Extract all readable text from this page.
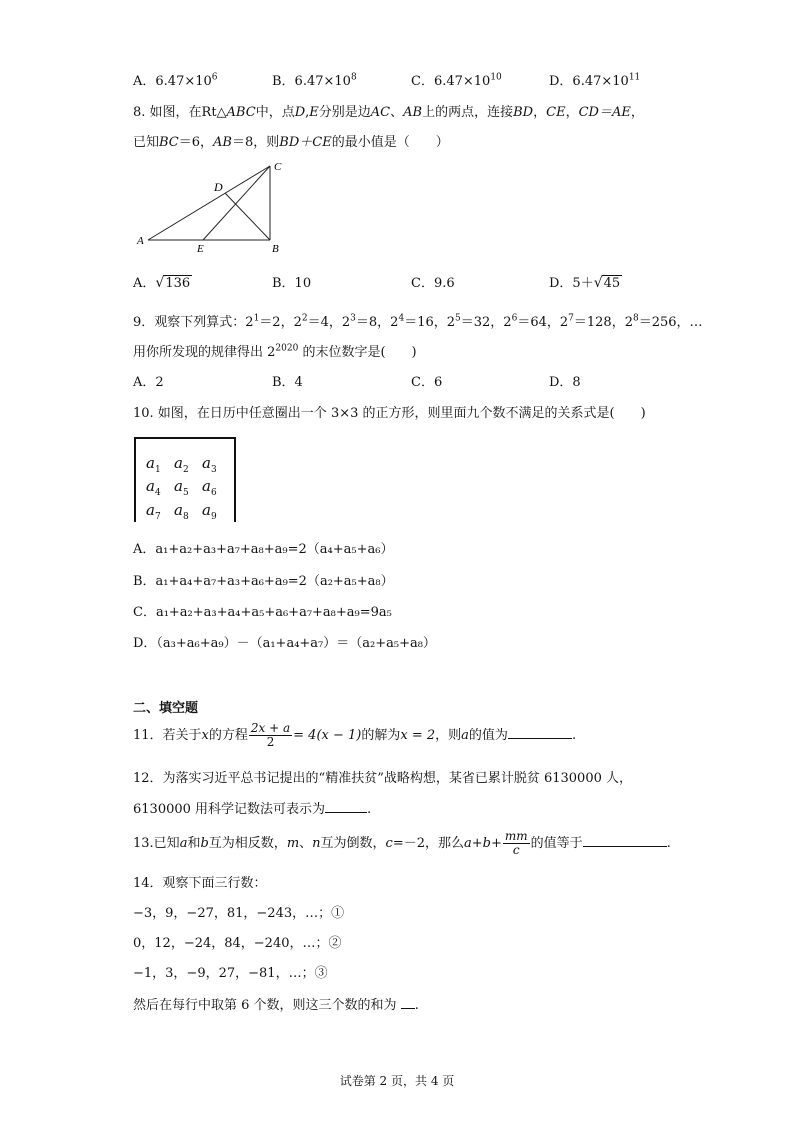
A．$6.47\times 10^6$	B．$6.47\times 10^8$	C．$6.47\times 10^{10}$	D．$6.47\times 10^{11}$
8. 如图，在Rt△ABC中，点D,E分别是边AC、AB上的两点，连接BD，CE，CD＝AE，
已知BC＝6，AB＝8，则BD＋CE的最小值是（　　）
A
B
C
D
E
A．√136	B．10	C．9.6	D．5＋√45
9．观察下列算式：$2^1=2$，$2^2=4$，$2^3=8$，$2^4=16$，$2^5=32$，$2^6=64$，$2^7=128$，$2^8=256$，…
用你所发现的规律得出 $2^{2020}$ 的末位数字是(　　)
A．2	B．4	C．6	D．8
10. 如图，在日历中任意圈出一个 3×3 的正方形，则里面九个数不满足的关系式是(　　)
$a_1$ $a_2$ $a_3$
$a_4$ $a_5$ $a_6$
$a_7$ $a_8$ $a_9$
A．a₁+a₂+a₃+a₇+a₈+a₉=2（a₄+a₅+a₆）
B．a₁+a₄+a₇+a₃+a₆+a₉=2（a₂+a₅+a₈）
C．a₁+a₂+a₃+a₄+a₅+a₆+a₇+a₈+a₉=9a₅
D．（a₃+a₆+a₉）－（a₁+a₄+a₇）＝（a₂+a₅+a₈）
二、填空题
11．若关于x的方程 $\frac{2x + a}{2} = 4(x - 1)$的解为x = 2，则a的值为	.
12．为落实习近平总书记提出的“精准扶贫”战略构想，某省已累计脱贫 6130000 人，
6130000 用科学记数法可表示为	.
13.已知a和b互为相反数，m、n互为倒数，c=－2，那么$a+b+ \frac{mm}{c}$ 的值等于	.
14．观察下面三行数：
−3，9，−27，81，−243，…；①
0，12，−24，84，−240，…；②
−1，3，−9，27，−81，…；③
然后在每行中取第 6 个数，则这三个数的和为 .
试卷第 2 页，共 4 页
